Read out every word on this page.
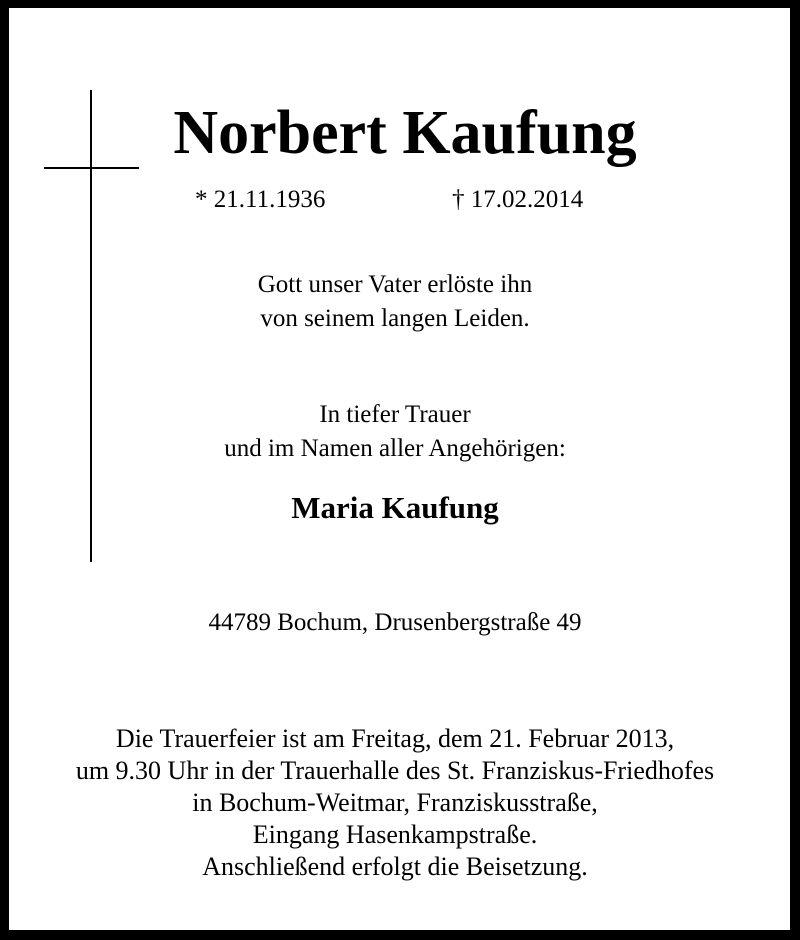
Norbert Kaufung
* 21.11.1936	† 17.02.2014
Gott unser Vater erlöste ihn
von seinem langen Leiden.
In tiefer Trauer
und im Namen aller Angehörigen:
Maria Kaufung
44789 Bochum, Drusenbergstraße 49
Die Trauerfeier ist am Freitag, dem 21. Februar 2013,
um 9.30 Uhr in der Trauerhalle des St. Franziskus-Friedhofes
in Bochum-Weitmar, Franziskusstraße,
Eingang Hasenkampstraße.
Anschließend erfolgt die Beisetzung.
